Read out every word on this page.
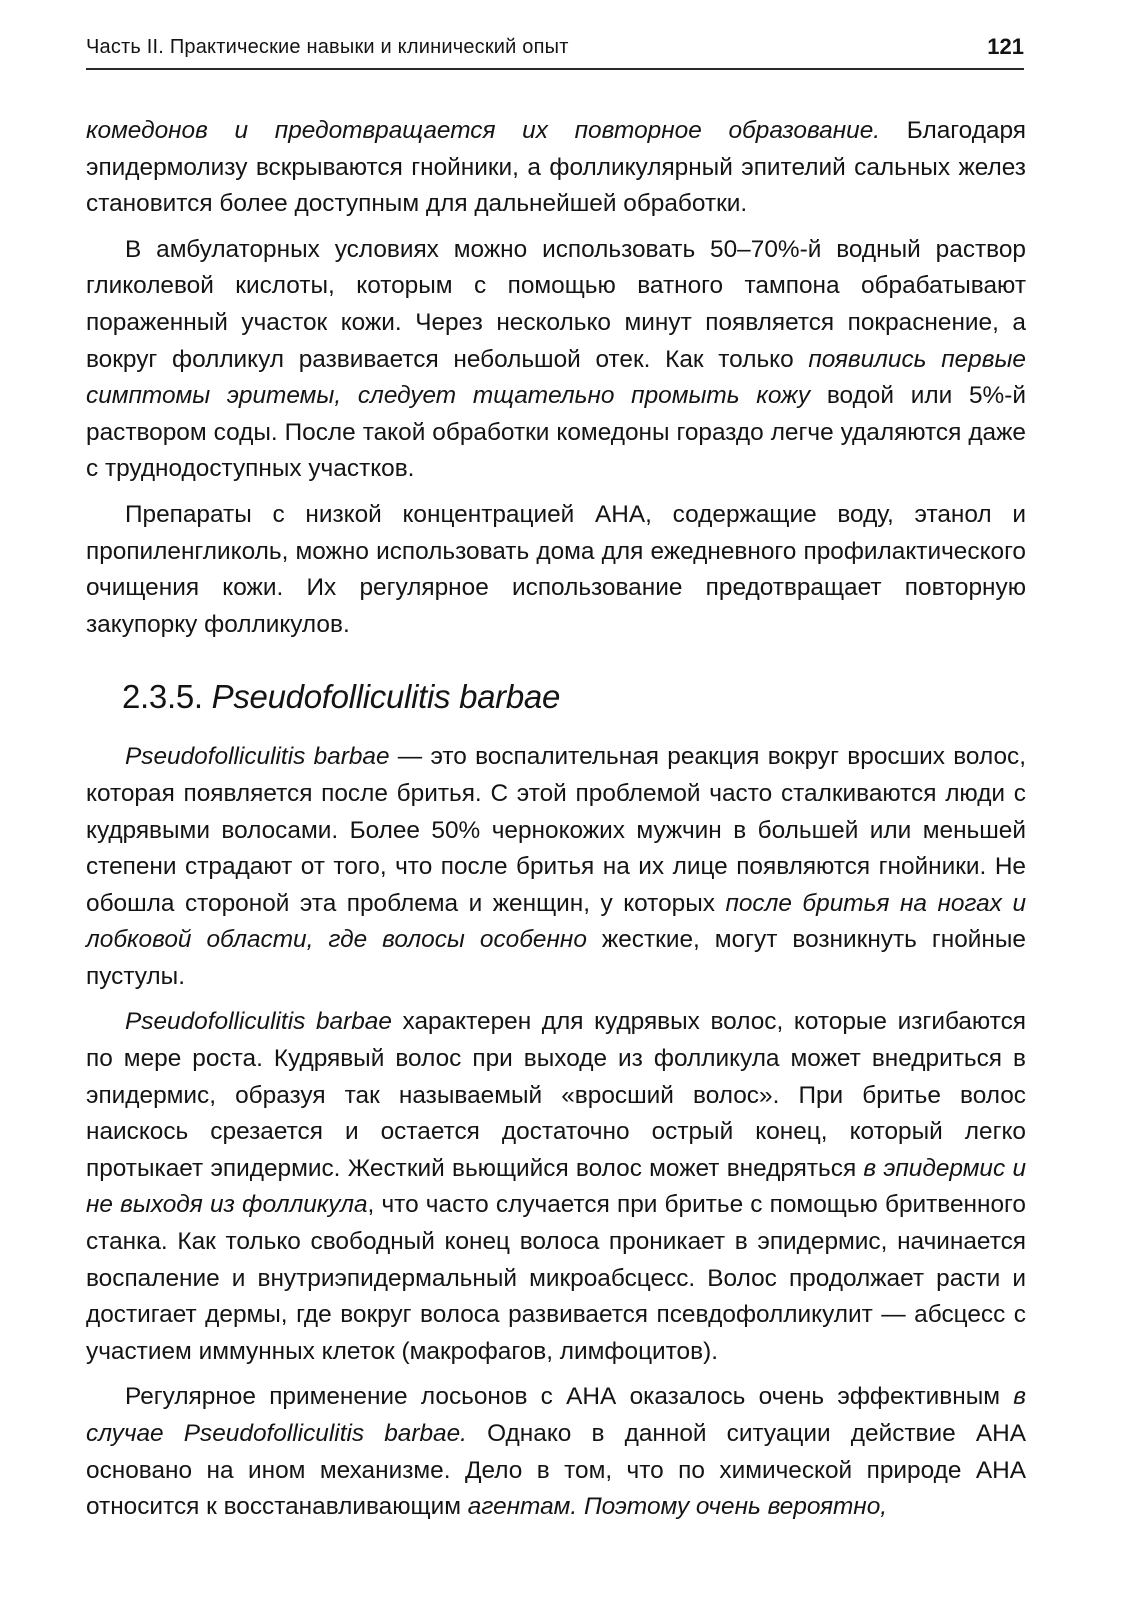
Часть II. Практические навыки и клинический опыт	121

комедонов и предотвращается их повторное образование. Благодаря эпидермолизу вскрываются гнойники, а фолликулярный эпителий сальных желез становится более доступным для дальнейшей обработки.

В амбулаторных условиях можно использовать 50–70%-й водный раствор гликолевой кислоты, которым с помощью ватного тампона обрабатывают пораженный участок кожи. Через несколько минут появляется покраснение, а вокруг фолликул развивается небольшой отек. Как только появились первые симптомы эритемы, следует тщательно промыть кожу водой или 5%-й раствором соды. После такой обработки комедоны гораздо легче удаляются даже с труднодоступных участков.

Препараты с низкой концентрацией АНА, содержащие воду, этанол и пропиленгликоль, можно использовать дома для ежедневного профилактического очищения кожи. Их регулярное использование предотвращает повторную закупорку фолликулов.

2.3.5. Pseudofolliculitis barbae

Pseudofolliculitis barbae — это воспалительная реакция вокруг вросших волос, которая появляется после бритья. С этой проблемой часто сталкиваются люди с кудрявыми волосами. Более 50% чернокожих мужчин в большей или меньшей степени страдают от того, что после бритья на их лице появляются гнойники. Не обошла стороной эта проблема и женщин, у которых после бритья на ногах и лобковой области, где волосы особенно жесткие, могут возникнуть гнойные пустулы.

Pseudofolliculitis barbae характерен для кудрявых волос, которые изгибаются по мере роста. Кудрявый волос при выходе из фолликула может внедриться в эпидермис, образуя так называемый «вросший волос». При бритье волос наискось срезается и остается достаточно острый конец, который легко протыкает эпидермис. Жесткий вьющийся волос может внедряться в эпидермис и не выходя из фолликула, что часто случается при бритье с помощью бритвенного станка. Как только свободный конец волоса проникает в эпидермис, начинается воспаление и внутриэпидермальный микроабсцесс. Волос продолжает расти и достигает дермы, где вокруг волоса развивается псевдофолликулит — абсцесс с участием иммунных клеток (макрофагов, лимфоцитов).

Регулярное применение лосьонов с АНА оказалось очень эффективным в случае Pseudofolliculitis barbae. Однако в данной ситуации действие АНА основано на ином механизме. Дело в том, что по химической природе АНА относится к восстанавливающим агентам. Поэтому очень вероятно,
